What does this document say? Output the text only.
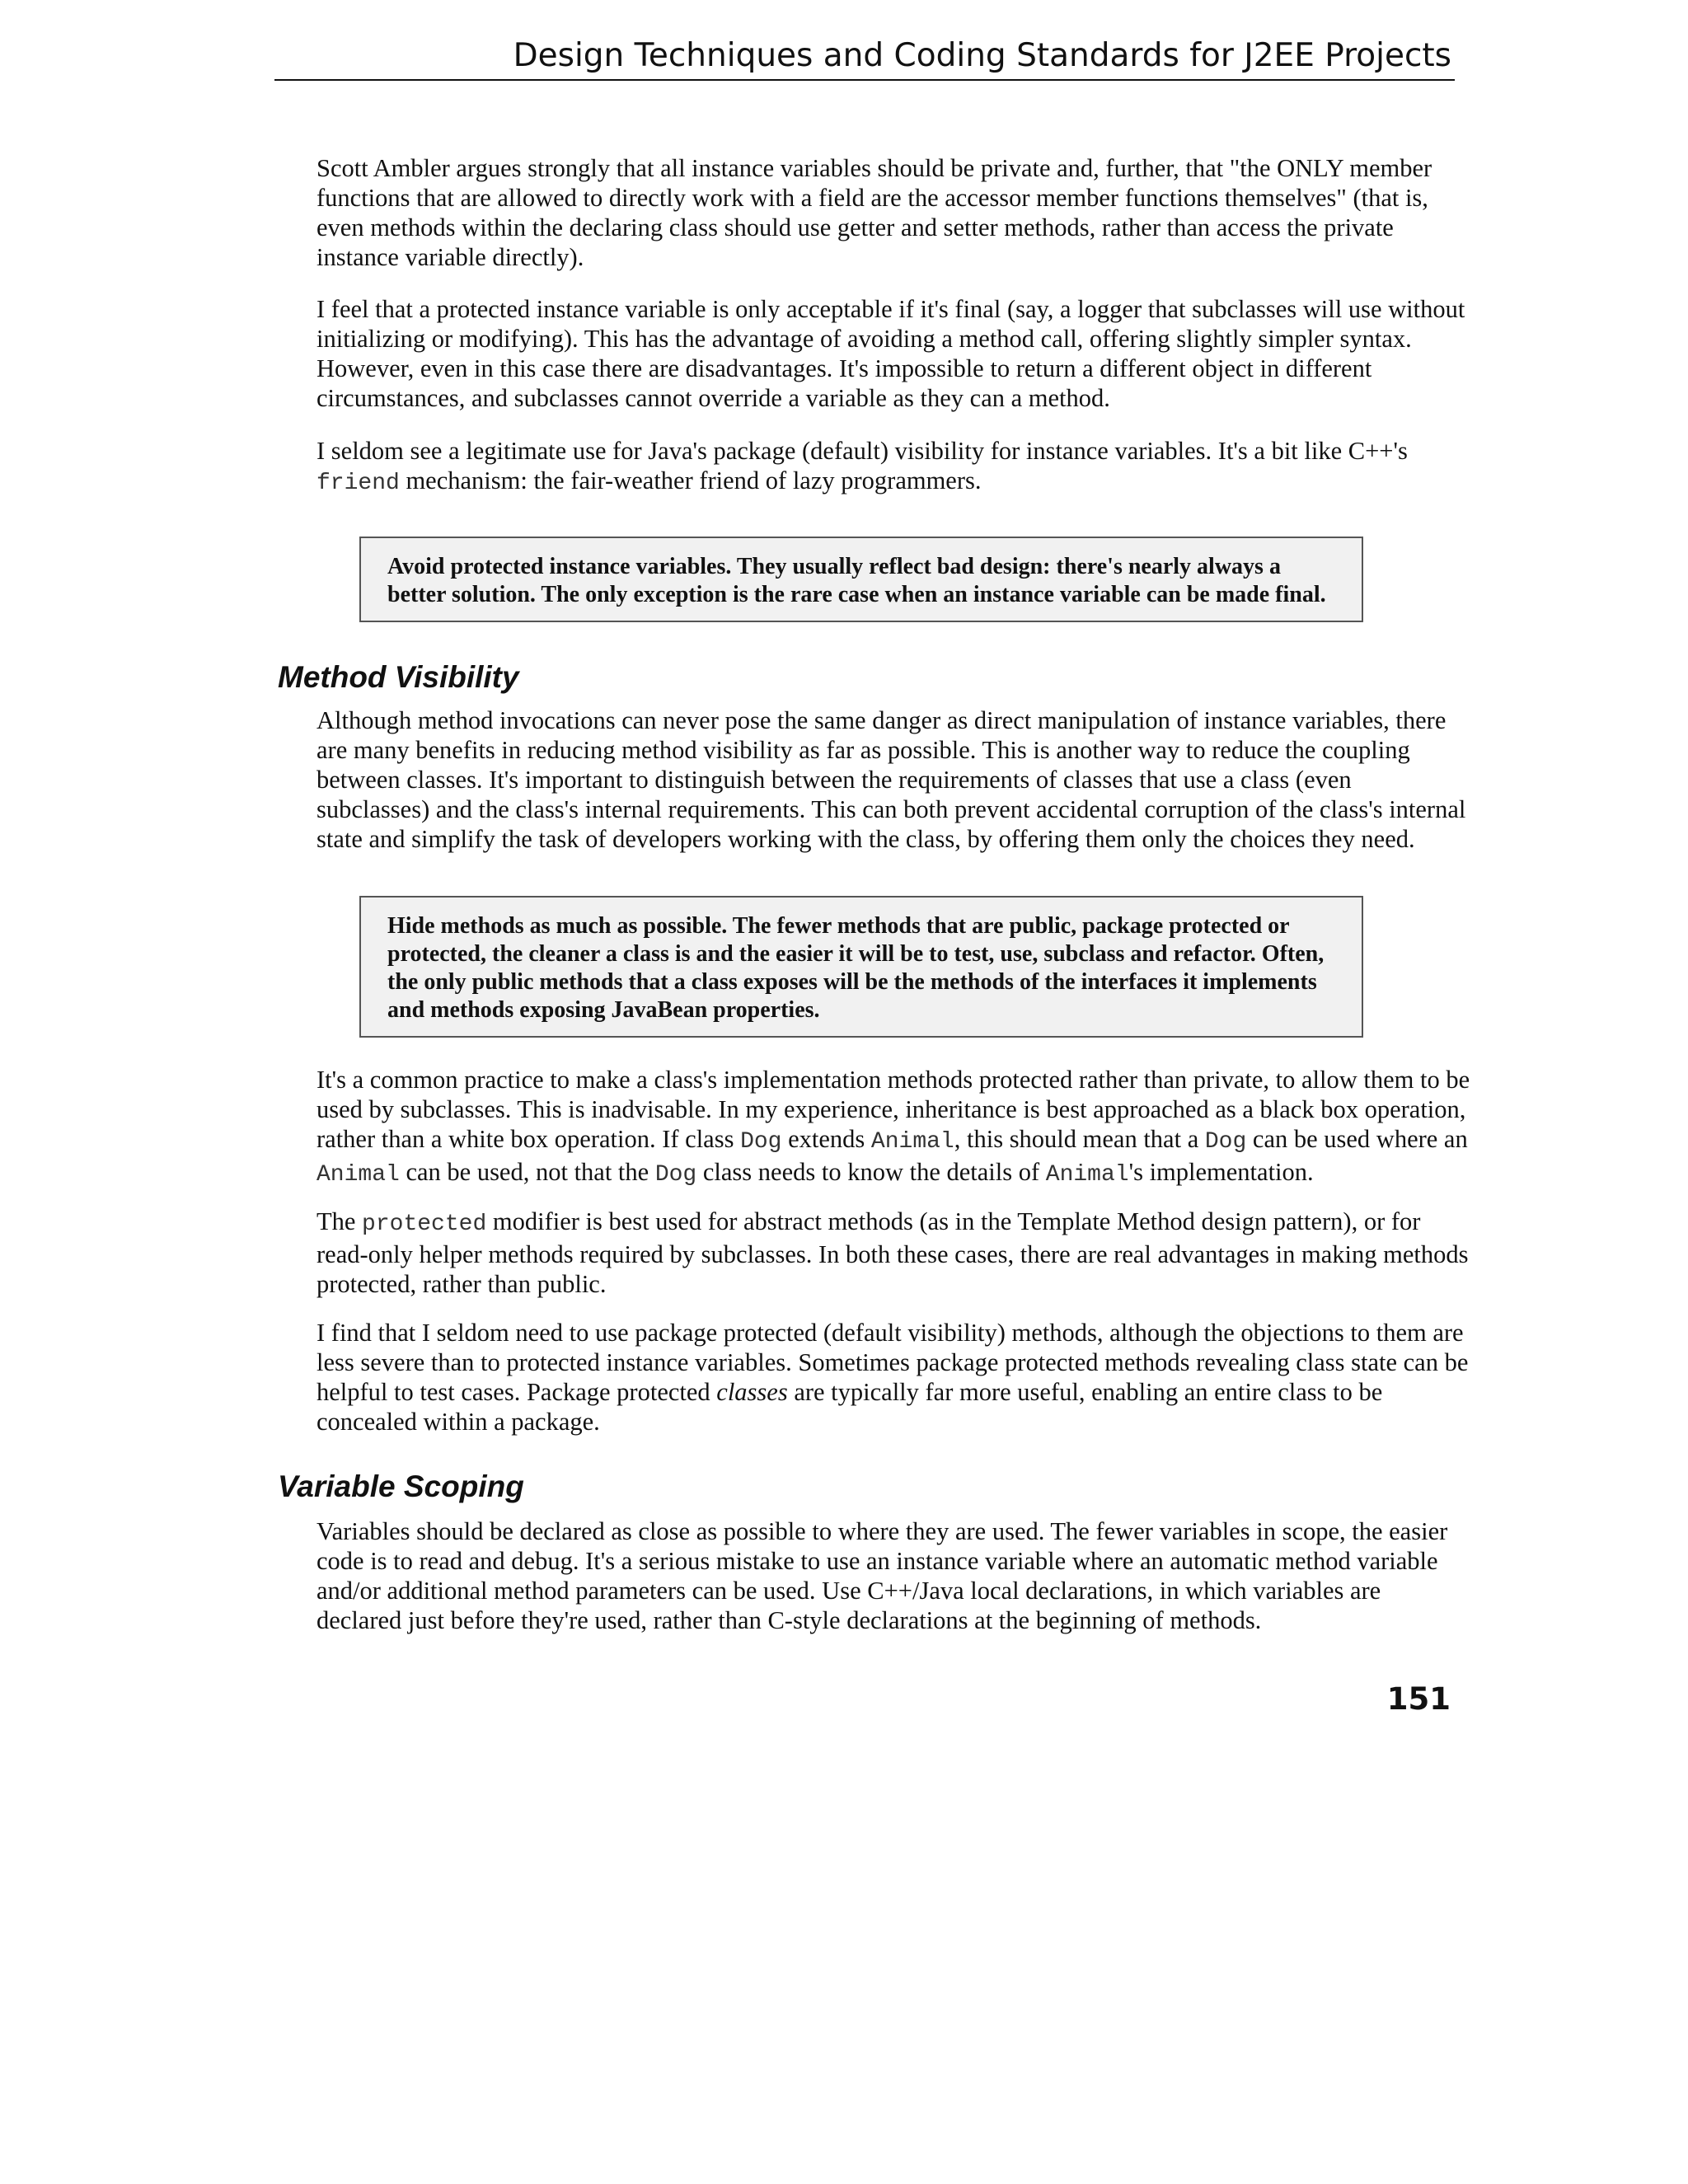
Design Techniques and Coding Standards for J2EE Projects

Scott Ambler argues strongly that all instance variables should be private and, further, that "the ONLY member functions that are allowed to directly work with a field are the accessor member functions themselves" (that is, even methods within the declaring class should use getter and setter methods, rather than access the private instance variable directly).

I feel that a protected instance variable is only acceptable if it's final (say, a logger that subclasses will use without initializing or modifying). This has the advantage of avoiding a method call, offering slightly simpler syntax. However, even in this case there are disadvantages. It's impossible to return a different object in different circumstances, and subclasses cannot override a variable as they can a method.

I seldom see a legitimate use for Java's package (default) visibility for instance variables. It's a bit like C++'s friend mechanism: the fair-weather friend of lazy programmers.

Avoid protected instance variables. They usually reflect bad design: there's nearly always a better solution. The only exception is the rare case when an instance variable can be made final.
Method Visibility

Although method invocations can never pose the same danger as direct manipulation of instance variables, there are many benefits in reducing method visibility as far as possible. This is another way to reduce the coupling between classes. It's important to distinguish between the requirements of classes that use a class (even subclasses) and the class's internal requirements. This can both prevent accidental corruption of the class's internal state and simplify the task of developers working with the class, by offering them only the choices they need.

Hide methods as much as possible. The fewer methods that are public, package protected or protected, the cleaner a class is and the easier it will be to test, use, subclass and refactor. Often, the only public methods that a class exposes will be the methods of the interfaces it implements and methods exposing JavaBean properties.

It's a common practice to make a class's implementation methods protected rather than private, to allow them to be used by subclasses. This is inadvisable. In my experience, inheritance is best approached as a black box operation, rather than a white box operation. If class Dog extends Animal, this should mean that a Dog can be used where an Animal can be used, not that the Dog class needs to know the details of Animal's implementation.

The protected modifier is best used for abstract methods (as in the Template Method design pattern), or for read-only helper methods required by subclasses. In both these cases, there are real advantages in making methods protected, rather than public.

I find that I seldom need to use package protected (default visibility) methods, although the objections to them are less severe than to protected instance variables. Sometimes package protected methods revealing class state can be helpful to test cases. Package protected classes are typically far more useful, enabling an entire class to be concealed within a package.

Variable Scoping

Variables should be declared as close as possible to where they are used. The fewer variables in scope, the easier code is to read and debug. It's a serious mistake to use an instance variable where an automatic method variable and/or additional method parameters can be used. Use C++/Java local declarations, in which variables are declared just before they're used, rather than C-style declarations at the beginning of methods.

151
